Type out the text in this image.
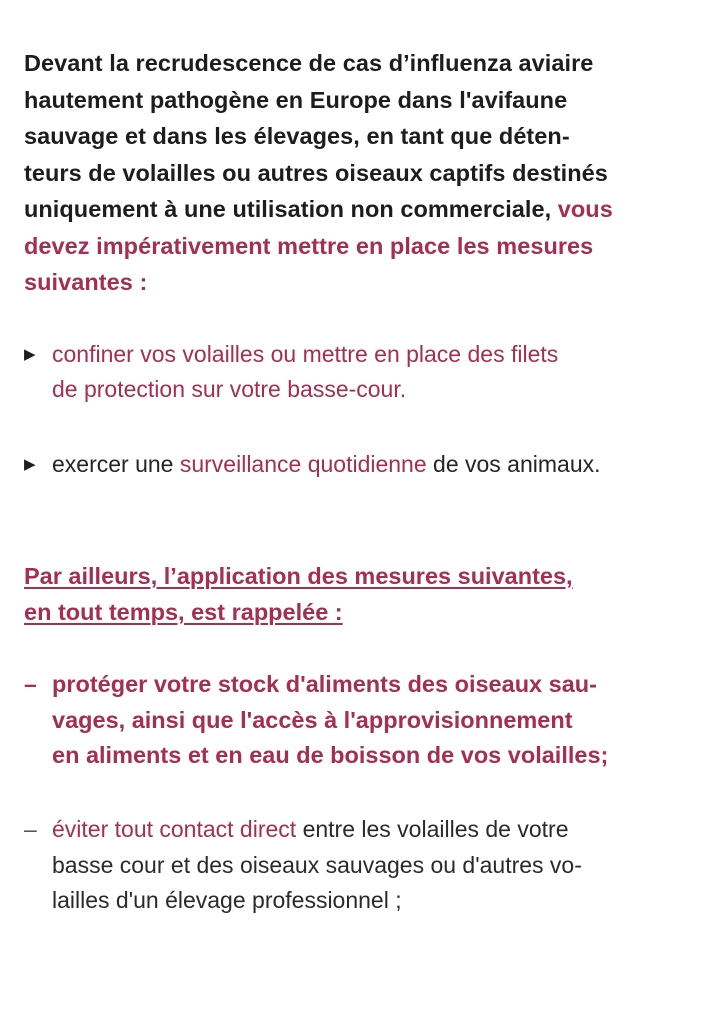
Devant la recrudescence de cas d’influenza aviaire
hautement pathogène en Europe dans l'avifaune
sauvage et dans les élevages, en tant que déten-
teurs de volailles ou autres oiseaux captifs destinés
uniquement à une utilisation non commerciale, vous
devez impérativement mettre en place les mesures
suivantes :
▶ confiner vos volailles ou mettre en place des filets
de protection sur votre basse-cour.
▶ exercer une surveillance quotidienne de vos animaux.
Par ailleurs, l’application des mesures suivantes,
en tout temps, est rappelée :
– protéger votre stock d'aliments des oiseaux sau-
vages, ainsi que l'accès à l'approvisionnement
en aliments et en eau de boisson de vos volailles;
– éviter tout contact direct entre les volailles de votre
basse cour et des oiseaux sauvages ou d'autres vo-
lailles d'un élevage professionnel ;
